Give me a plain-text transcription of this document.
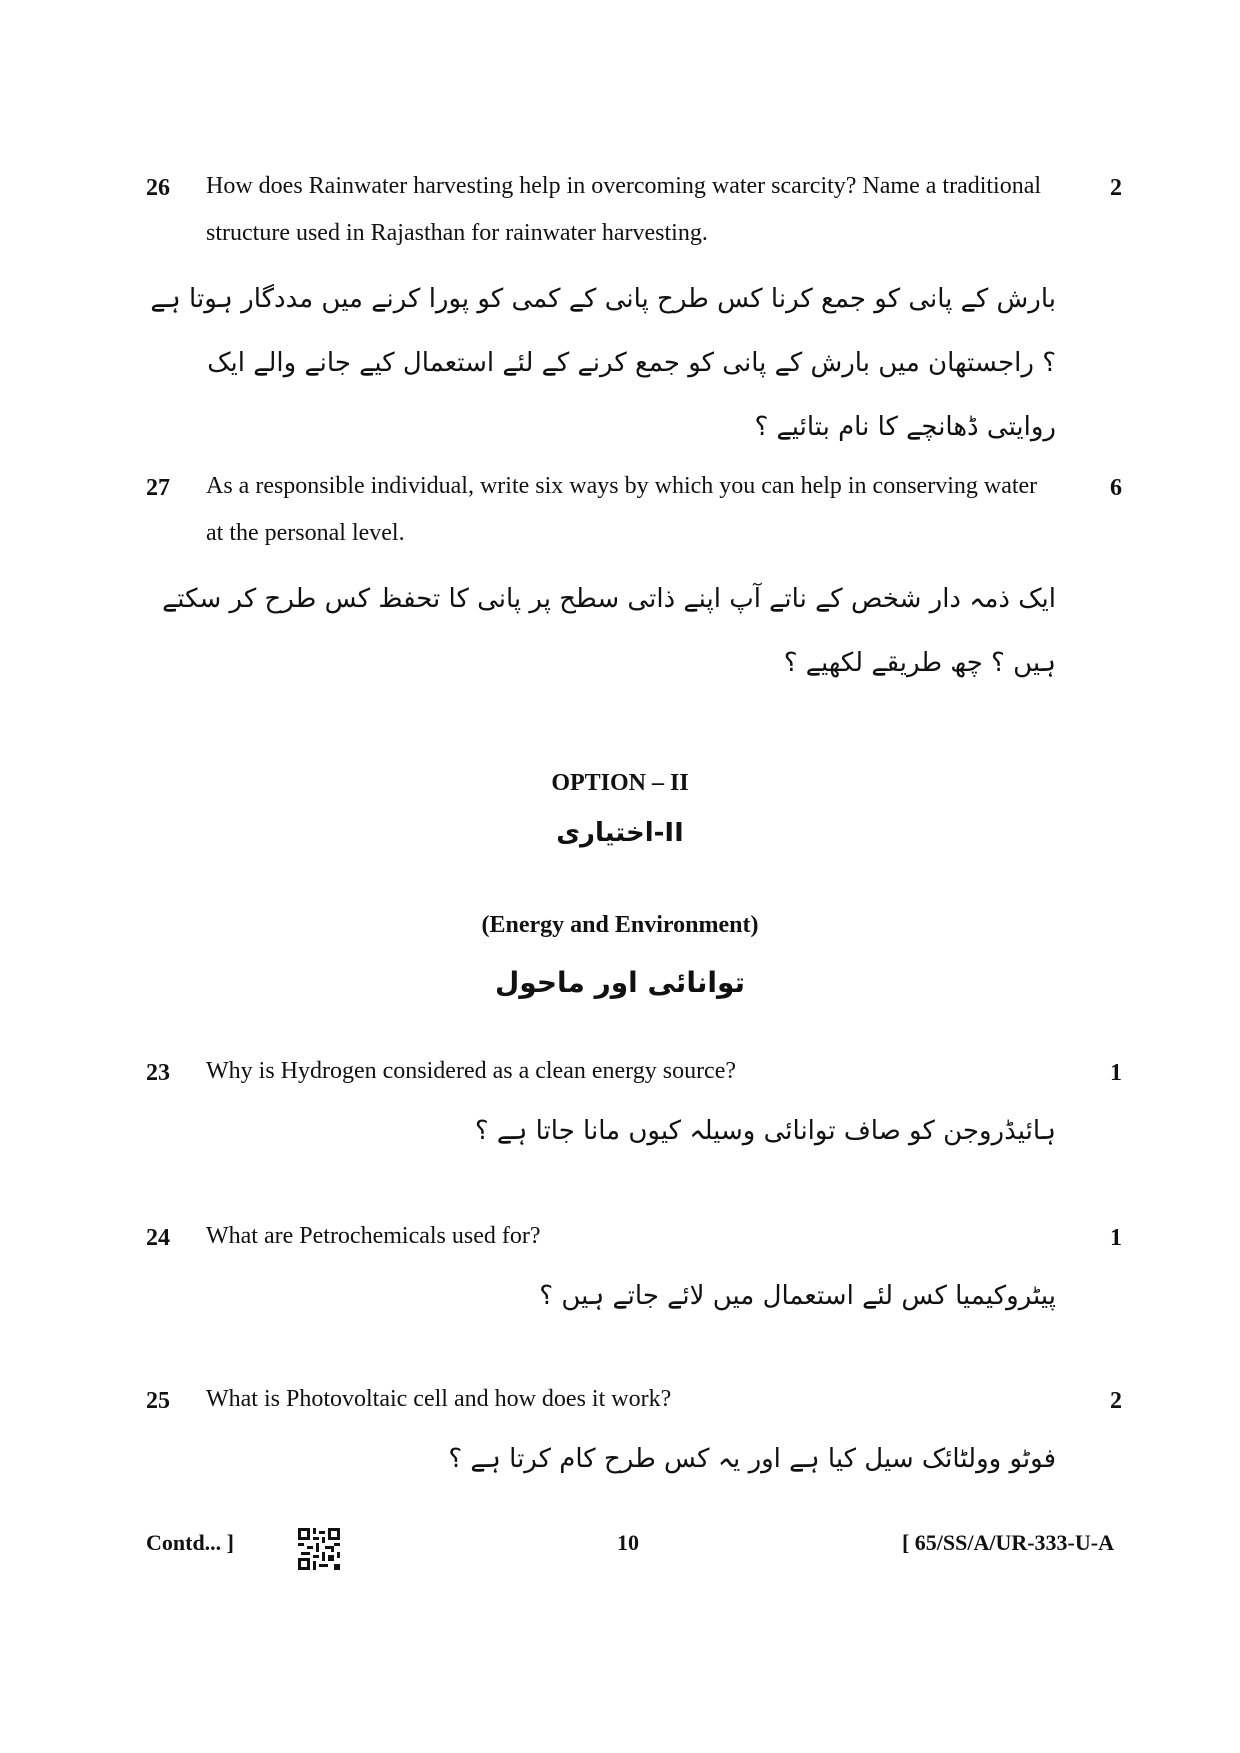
26	2
How does Rainwater harvesting help in overcoming water scarcity? Name a traditional structure used in Rajasthan for rainwater harvesting.
بارش کے پانی کو جمع کرنا کس طرح پانی کے کمی کو پورا کرنے میں مددگار ہوتا ہے ؟ راجستھان میں بارش کے پانی کو جمع کرنے کے لئے استعمال کیے جانے والے ایک روایتی ڈھانچے کا نام بتائیے ؟
27	6
As a responsible individual, write six ways by which you can help in conserving water at the personal level.
ایک ذمہ دار شخص کے ناتے آپ اپنے ذاتی سطح پر پانی کا تحفظ کس طرح کر سکتے ہیں ؟ چھ طریقے لکھیے ؟
OPTION – II
اختیاری-II
(Energy and Environment)
توانائی اور ماحول
23	1
Why is Hydrogen considered as a clean energy source?
ہائیڈروجن کو صاف توانائی وسیلہ کیوں مانا جاتا ہے ؟
24	1
What are Petrochemicals used for?
پیٹروکیمیا کس لئے استعمال میں لائے جاتے ہیں ؟
25	2
What is Photovoltaic cell and how does it work?
فوٹو وولٹائک سیل کیا ہے اور یہ کس طرح کام کرتا ہے ؟
Contd... ]	10	[ 65/SS/A/UR-333-U-A
